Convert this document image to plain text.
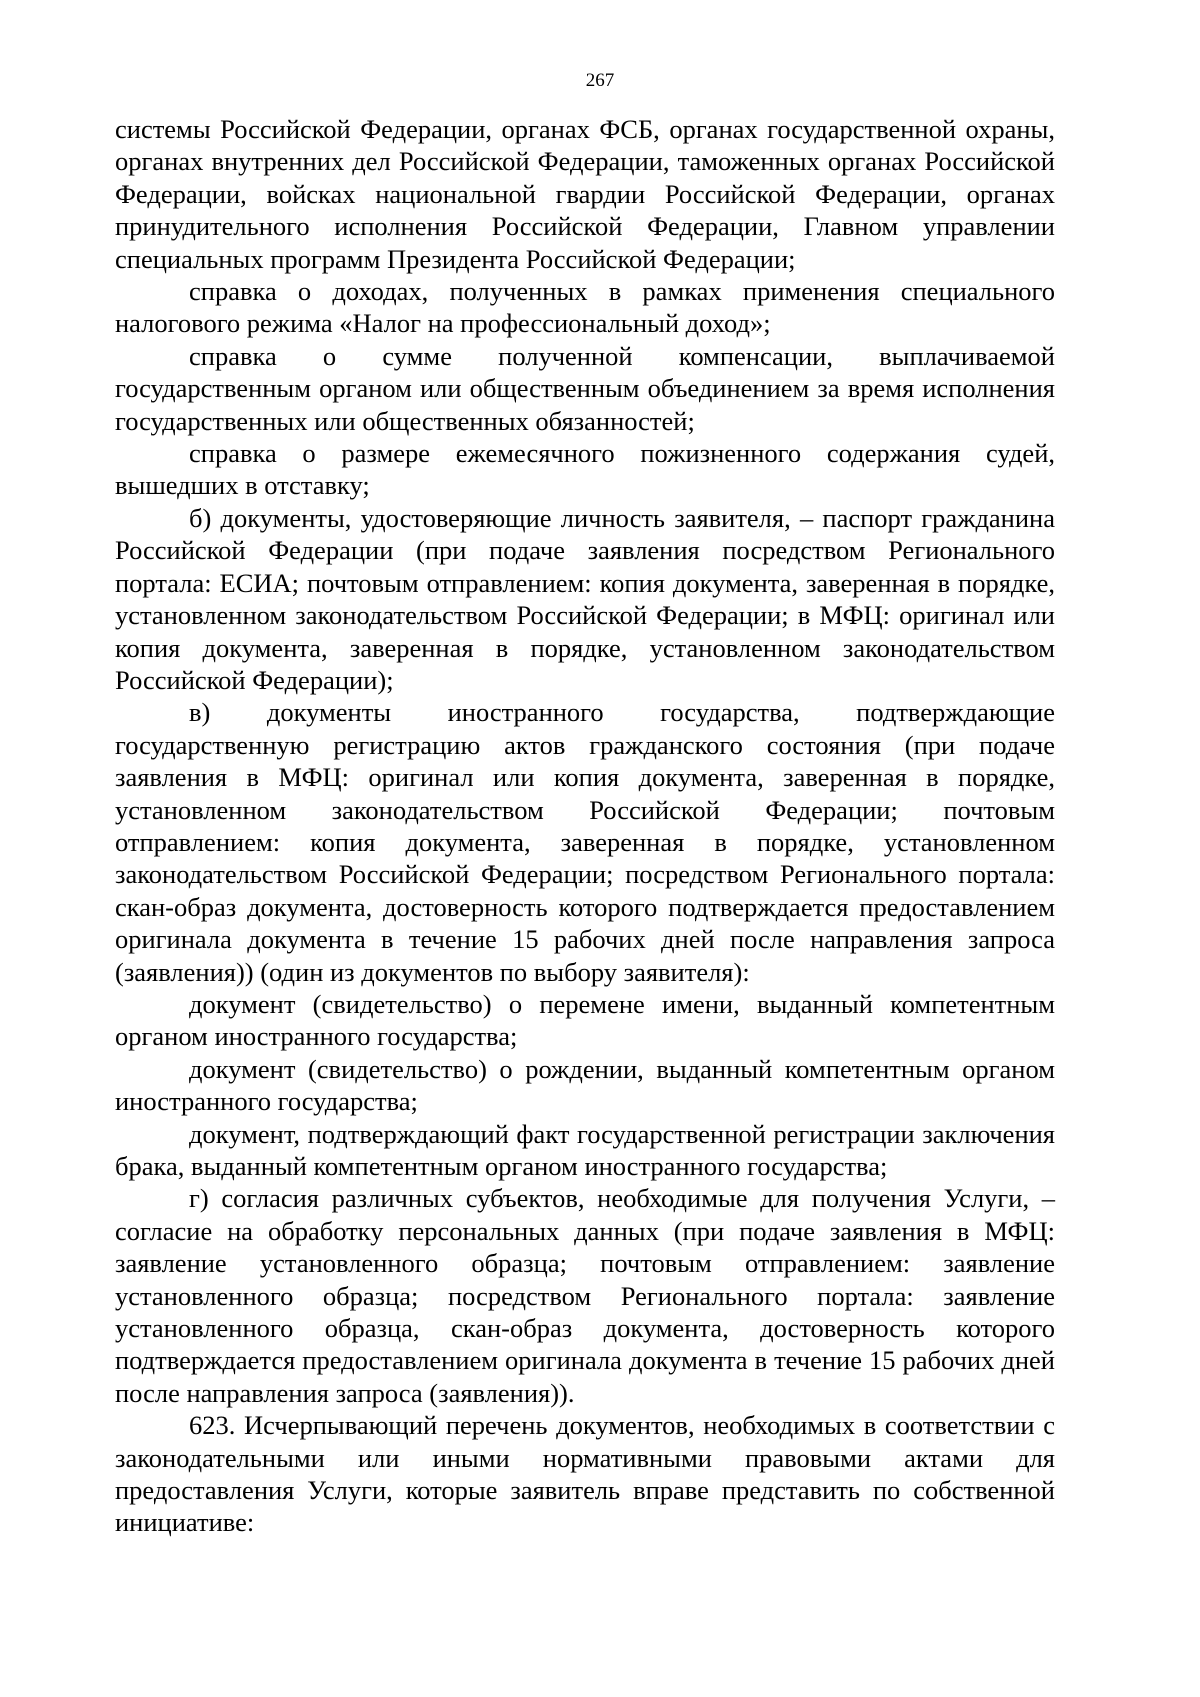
267

системы Российской Федерации, органах ФСБ, органах государственной охраны, органах внутренних дел Российской Федерации, таможенных органах Российской Федерации, войсках национальной гвардии Российской Федерации, органах принудительного исполнения Российской Федерации, Главном управлении специальных программ Президента Российской Федерации;

справка о доходах, полученных в рамках применения специального налогового режима «Налог на профессиональный доход»;

справка о сумме полученной компенсации, выплачиваемой государственным органом или общественным объединением за время исполнения государственных или общественных обязанностей;

справка о размере ежемесячного пожизненного содержания судей, вышедших в отставку;

б) документы, удостоверяющие личность заявителя, – паспорт гражданина Российской Федерации (при подаче заявления посредством Регионального портала: ЕСИА; почтовым отправлением: копия документа, заверенная в порядке, установленном законодательством Российской Федерации; в МФЦ: оригинал или копия документа, заверенная в порядке, установленном законодательством Российской Федерации);

в) документы иностранного государства, подтверждающие государственную регистрацию актов гражданского состояния (при подаче заявления в МФЦ: оригинал или копия документа, заверенная в порядке, установленном законодательством Российской Федерации; почтовым отправлением: копия документа, заверенная в порядке, установленном законодательством Российской Федерации; посредством Регионального портала: скан-образ документа, достоверность которого подтверждается предоставлением оригинала документа в течение 15 рабочих дней после направления запроса (заявления)) (один из документов по выбору заявителя):

документ (свидетельство) о перемене имени, выданный компетентным органом иностранного государства;

документ (свидетельство) о рождении, выданный компетентным органом иностранного государства;

документ, подтверждающий факт государственной регистрации заключения брака, выданный компетентным органом иностранного государства;

г) согласия различных субъектов, необходимые для получения Услуги, – согласие на обработку персональных данных (при подаче заявления в МФЦ: заявление установленного образца; почтовым отправлением: заявление установленного образца; посредством Регионального портала: заявление установленного образца, скан-образ документа, достоверность которого подтверждается предоставлением оригинала документа в течение 15 рабочих дней после направления запроса (заявления)).

623. Исчерпывающий перечень документов, необходимых в соответствии с законодательными или иными нормативными правовыми актами для предоставления Услуги, которые заявитель вправе представить по собственной инициативе:
